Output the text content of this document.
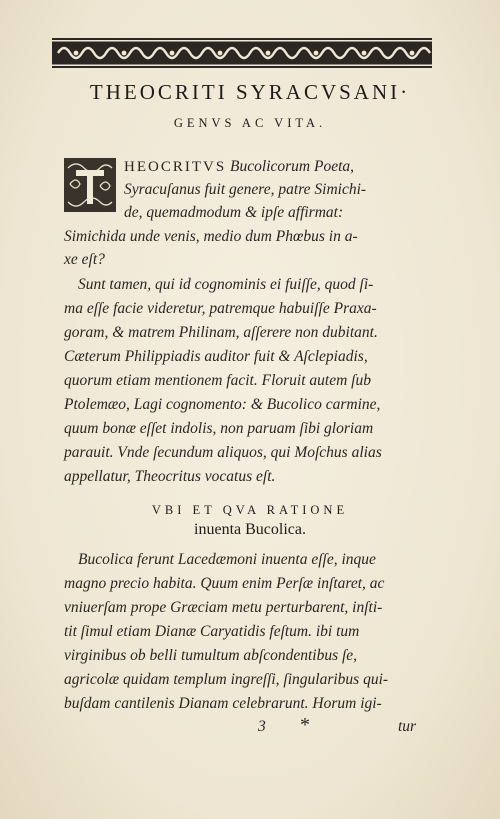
THEOCRITI SYRACVSANI·
GENVS AC VITA.
HEOCRITVS Bucolicorum Poeta,
Syracuſanus fuit genere, patre Simichi-
de, quemadmodum & ipſe affirmat:
Simichida unde venis, medio dum Phœbus in a-
xe eſt?
Sunt tamen, qui id cognominis ei fuiſſe, quod ſi-
ma eſſe facie videretur, patremque habuiſſe Praxa-
goram, & matrem Philinam, aſſerere non dubitant.
Cæterum Philippiadis auditor fuit & Aſclepiadis,
quorum etiam mentionem facit. Floruit autem ſub
Ptolemæo, Lagi cognomento: & Bucolico carmine,
quum bonæ eſſet indolis, non paruam ſibi gloriam
parauit. Vnde ſecundum aliquos, qui Moſchus alias
appellatur, Theocritus vocatus eſt.
VBI ET QVA RATIONE
inuenta Bucolica.
Bucolica ferunt Lacedæmoni inuenta eſſe, inque
magno precio habita. Quum enim Perſæ inſtaret, ac
vniuerſam prope Græciam metu perturbarent, inſti-
tit ſimul etiam Dianæ Caryatidis feſtum. ibi tum
virginibus ob belli tumultum abſcondentibus ſe,
agricolæ quidam templum ingreſſi, ſingularibus qui-
buſdam cantilenis Dianam celebrarunt. Horum igi-
3 *	tur
